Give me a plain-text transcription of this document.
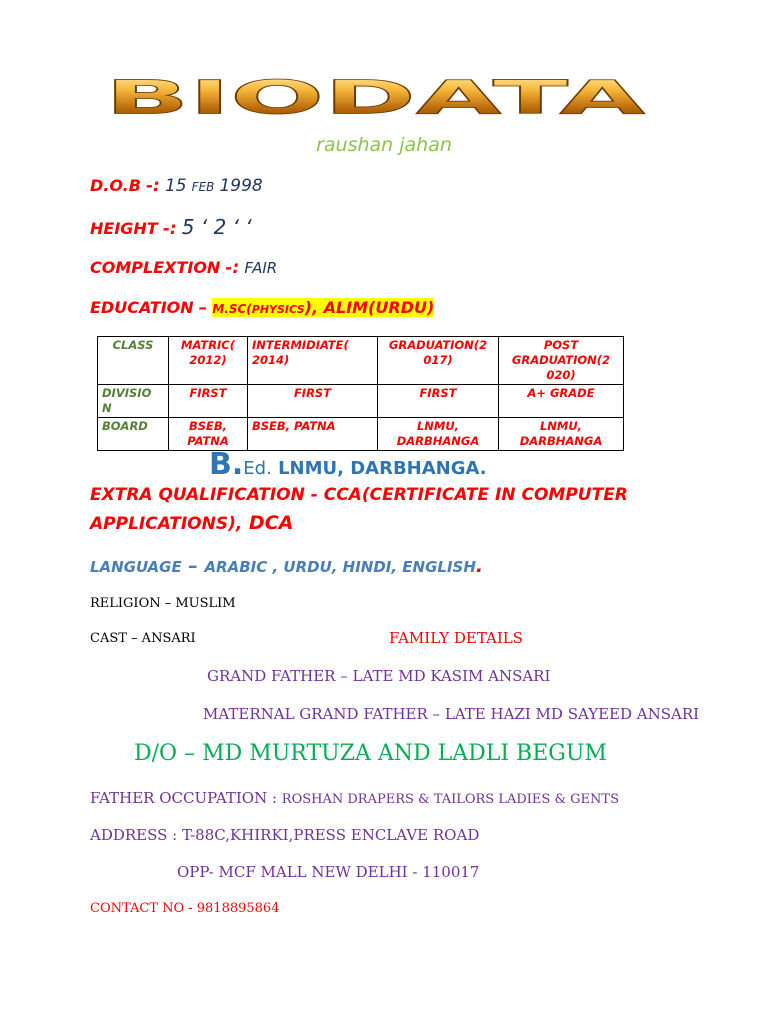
BIODATA
raushan jahan
D.O.B -: 15 FEB 1998
HEIGHT -: 5 ‘ 2 ‘ ‘
COMPLEXTION -: FAIR
EDUCATION – M.SC(PHYSICS), ALIM(URDU)
CLASS	MATRIC( 2012)	INTERMIDIATE( 2014)	GRADUATION(2 017)	POST GRADUATION(2 020)
DIVISIO N	FIRST	FIRST	FIRST	A+ GRADE
BOARD	BSEB, PATNA	BSEB, PATNA	LNMU, DARBHANGA	LNMU, DARBHANGA
B.Ed. LNMU, DARBHANGA.
EXTRA QUALIFICATION - CCA(CERTIFICATE IN COMPUTER APPLICATIONS), DCA
LANGUAGE – ARABIC , URDU, HINDI, ENGLISH.
RELIGION – MUSLIM
CAST – ANSARI	FAMILY DETAILS
GRAND FATHER – LATE MD KASIM ANSARI
MATERNAL GRAND FATHER – LATE HAZI MD SAYEED ANSARI
D/O – MD MURTUZA AND LADLI BEGUM
FATHER OCCUPATION : ROSHAN DRAPERS & TAILORS LADIES & GENTS
ADDRESS : T-88C,KHIRKI,PRESS ENCLAVE ROAD
OPP- MCF MALL NEW DELHI - 110017
CONTACT NO - 9818895864
